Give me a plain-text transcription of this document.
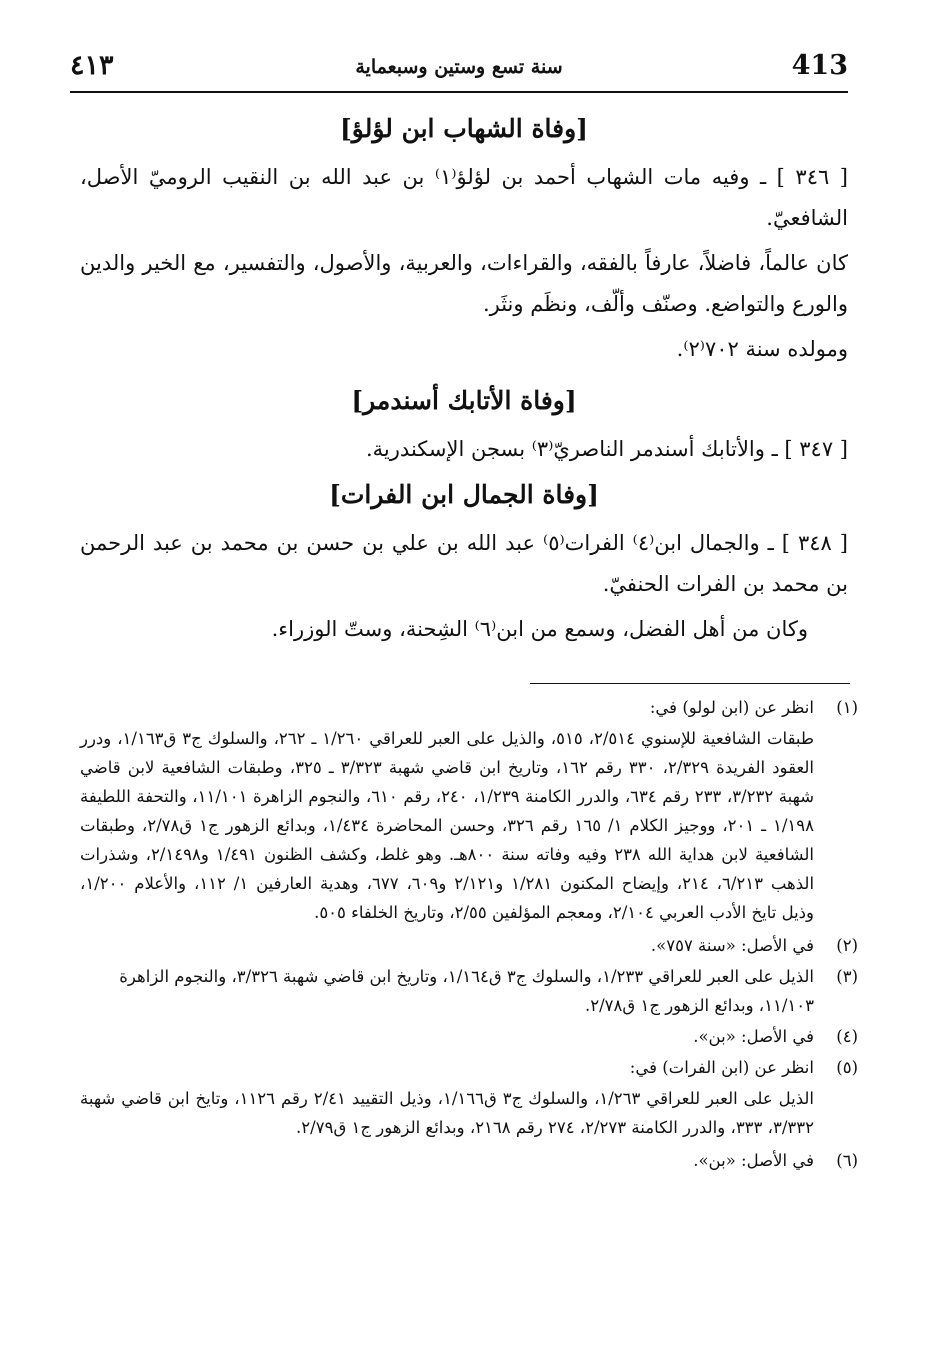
٤١٣	سنة تسع وستين وسبعماية	413
[وفاة الشهاب ابن لؤلؤ]

[ ٣٤٦ ] ـ وفيه مات الشهاب أحمد بن لؤلؤ⁽١⁾ بن عبد الله بن النقيب الروميّ الأصل، الشافعيّ.

كان عالماً، فاضلاً، عارفاً بالفقه، والقراءات، والعربية، والأصول، والتفسير، مع الخير والدين والورع والتواضع. وصنّف وألّف، ونظَم ونثَر.

ومولده سنة ٧٠٢⁽٢⁾.

[وفاة الأتابك أسندمر]

[ ٣٤٧ ] ـ والأتابك أسندمر الناصريّ⁽٣⁾ بسجن الإسكندرية.

[وفاة الجمال ابن الفرات]

[ ٣٤٨ ] ـ والجمال ابن⁽٤⁾ الفرات⁽٥⁾ عبد الله بن علي بن حسن بن محمد بن عبد الرحمن بن محمد بن الفرات الحنفيّ.

وكان من أهل الفضل، وسمع من ابن⁽٦⁾ الشِحنة، وستّ الوزراء.

(١)
انظر عن (ابن لولو) في:
طبقات الشافعية للإسنوي ٢/٥١٤، ٥١٥، والذيل على العبر للعراقي ١/٢٦٠ ـ ٢٦٢، والسلوك ج٣ ق١/١٦٣، ودرر العقود الفريدة ٢/٣٢٩، ٣٣٠ رقم ١٦٢، وتاريخ ابن قاضي شهبة ٣/٣٢٣ ـ ٣٢٥، وطبقات الشافعية لابن قاضي شهبة ٣/٢٣٢، ٢٣٣ رقم ٦٣٤، والدرر الكامنة ١/٢٣٩، ٢٤٠، رقم ٦١٠، والنجوم الزاهرة ١١/١٠١، والتحفة اللطيفة ١/١٩٨ ـ ٢٠١، ووجيز الكلام ١/ ١٦٥ رقم ٣٢٦، وحسن المحاضرة ١/٤٣٤، وبدائع الزهور ج١ ق٢/٧٨، وطبقات الشافعية لابن هداية الله ٢٣٨ وفيه وفاته سنة ٨٠٠هـ. وهو غلط، وكشف الظنون ١/٤٩١ و٢/١٤٩٨، وشذرات الذهب ٦/٢١٣، ٢١٤، وإيضاح المكنون ١/٢٨١ و٢/١٢١ و٦٠٩، ٦٧٧، وهدية العارفين ١/ ١١٢، والأعلام ١/٢٠٠، وذيل تايخ الأدب العربي ٢/١٠٤، ومعجم المؤلفين ٢/٥٥، وتاريخ الخلفاء ٥٠٥.
(٢)
في الأصل: «سنة ٧٥٧».
(٣)
الذيل على العبر للعراقي ١/٢٣٣، والسلوك ج٣ ق١/١٦٤، وتاريخ ابن قاضي شهبة ٣/٣٢٦، والنجوم الزاهرة ١١/١٠٣، وبدائع الزهور ج١ ق٢/٧٨.
(٤)
في الأصل: «بن».
(٥)
انظر عن (ابن الفرات) في:
الذيل على العبر للعراقي ١/٢٦٣، والسلوك ج٣ ق١/١٦٦، وذيل التقييد ٢/٤١ رقم ١١٢٦، وتايخ ابن قاضي شهبة ٣/٣٣٢، ٣٣٣، والدرر الكامنة ٢/٢٧٣، ٢٧٤ رقم ٢١٦٨، وبدائع الزهور ج١ ق٢/٧٩.
(٦)
في الأصل: «بن».
